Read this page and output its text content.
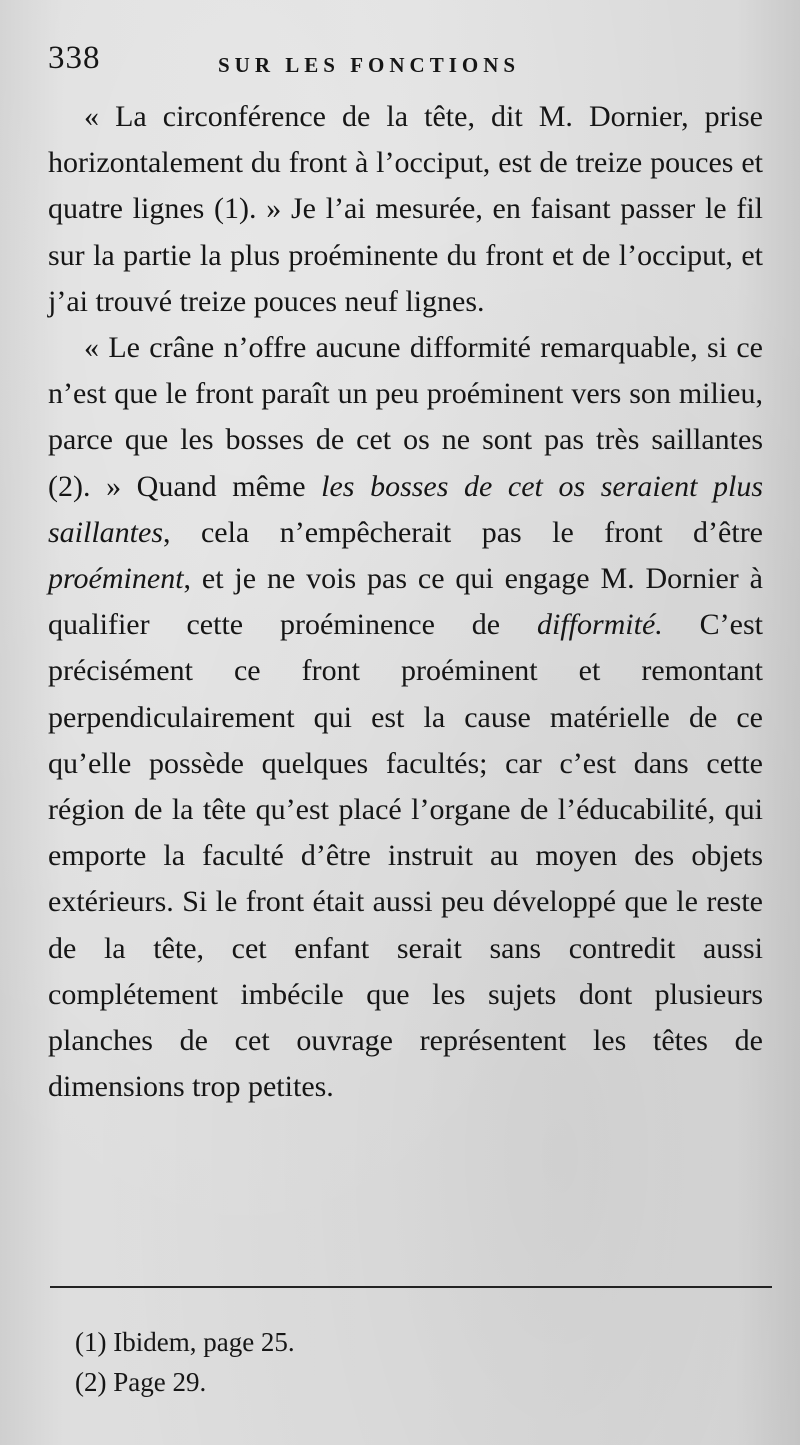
338	SUR LES FONCTIONS

« La circonférence de la tête, dit M. Dornier, prise horizontalement du front à l’occiput, est de treize pouces et quatre lignes (1). » Je l’ai mesurée, en faisant passer le fil sur la partie la plus proéminente du front et de l’occiput, et j’ai trouvé treize pouces neuf lignes.

« Le crâne n’offre aucune difformité remarquable, si ce n’est que le front paraît un peu proéminent vers son milieu, parce que les bosses de cet os ne sont pas très saillantes (2). » Quand même les bosses de cet os seraient plus saillantes, cela n’empêcherait pas le front d’être proéminent, et je ne vois pas ce qui engage M. Dornier à qualifier cette proéminence de difformité. C’est précisément ce front proéminent et remontant perpendiculairement qui est la cause matérielle de ce qu’elle possède quelques facultés; car c’est dans cette région de la tête qu’est placé l’organe de l’éducabilité, qui emporte la faculté d’être instruit au moyen des objets extérieurs. Si le front était aussi peu développé que le reste de la tête, cet enfant serait sans contredit aussi complétement imbécile que les sujets dont plusieurs planches de cet ouvrage représentent les têtes de dimensions trop petites.

(1) Ibidem, page 25.
(2) Page 29.
